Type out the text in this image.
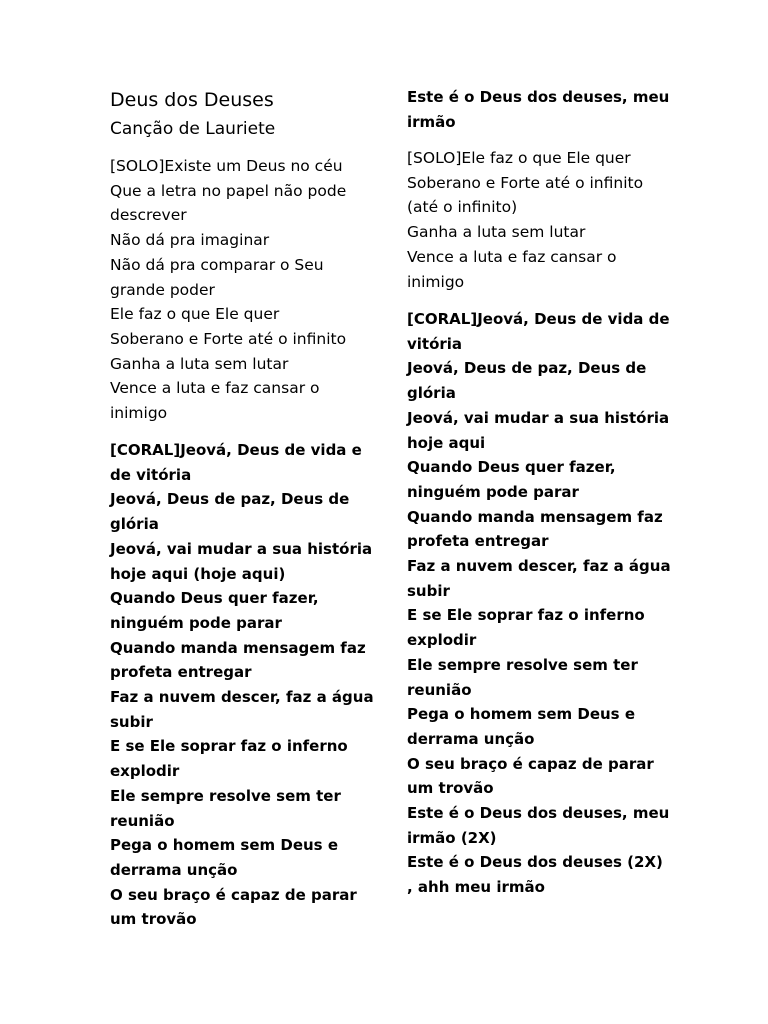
Deus dos Deuses
Canção de Lauriete
[SOLO]Existe um Deus no céu
Que a letra no papel não pode
descrever
Não dá pra imaginar
Não dá pra comparar o Seu
grande poder
Ele faz o que Ele quer
Soberano e Forte até o infinito
Ganha a luta sem lutar
Vence a luta e faz cansar o
inimigo
[CORAL]Jeová, Deus de vida e
de vitória
Jeová, Deus de paz, Deus de
glória
Jeová, vai mudar a sua história
hoje aqui (hoje aqui)
Quando Deus quer fazer,
ninguém pode parar
Quando manda mensagem faz
profeta entregar
Faz a nuvem descer, faz a água
subir
E se Ele soprar faz o inferno
explodir
Ele sempre resolve sem ter
reunião
Pega o homem sem Deus e
derrama unção
O seu braço é capaz de parar
um trovão
Este é o Deus dos deuses, meu
irmão
[SOLO]Ele faz o que Ele quer
Soberano e Forte até o infinito
(até o infinito)
Ganha a luta sem lutar
Vence a luta e faz cansar o
inimigo
[CORAL]Jeová, Deus de vida de
vitória
Jeová, Deus de paz, Deus de
glória
Jeová, vai mudar a sua história
hoje aqui
Quando Deus quer fazer,
ninguém pode parar
Quando manda mensagem faz
profeta entregar
Faz a nuvem descer, faz a água
subir
E se Ele soprar faz o inferno
explodir
Ele sempre resolve sem ter
reunião
Pega o homem sem Deus e
derrama unção
O seu braço é capaz de parar
um trovão
Este é o Deus dos deuses, meu
irmão (2X)
Este é o Deus dos deuses (2X)
, ahh meu irmão
